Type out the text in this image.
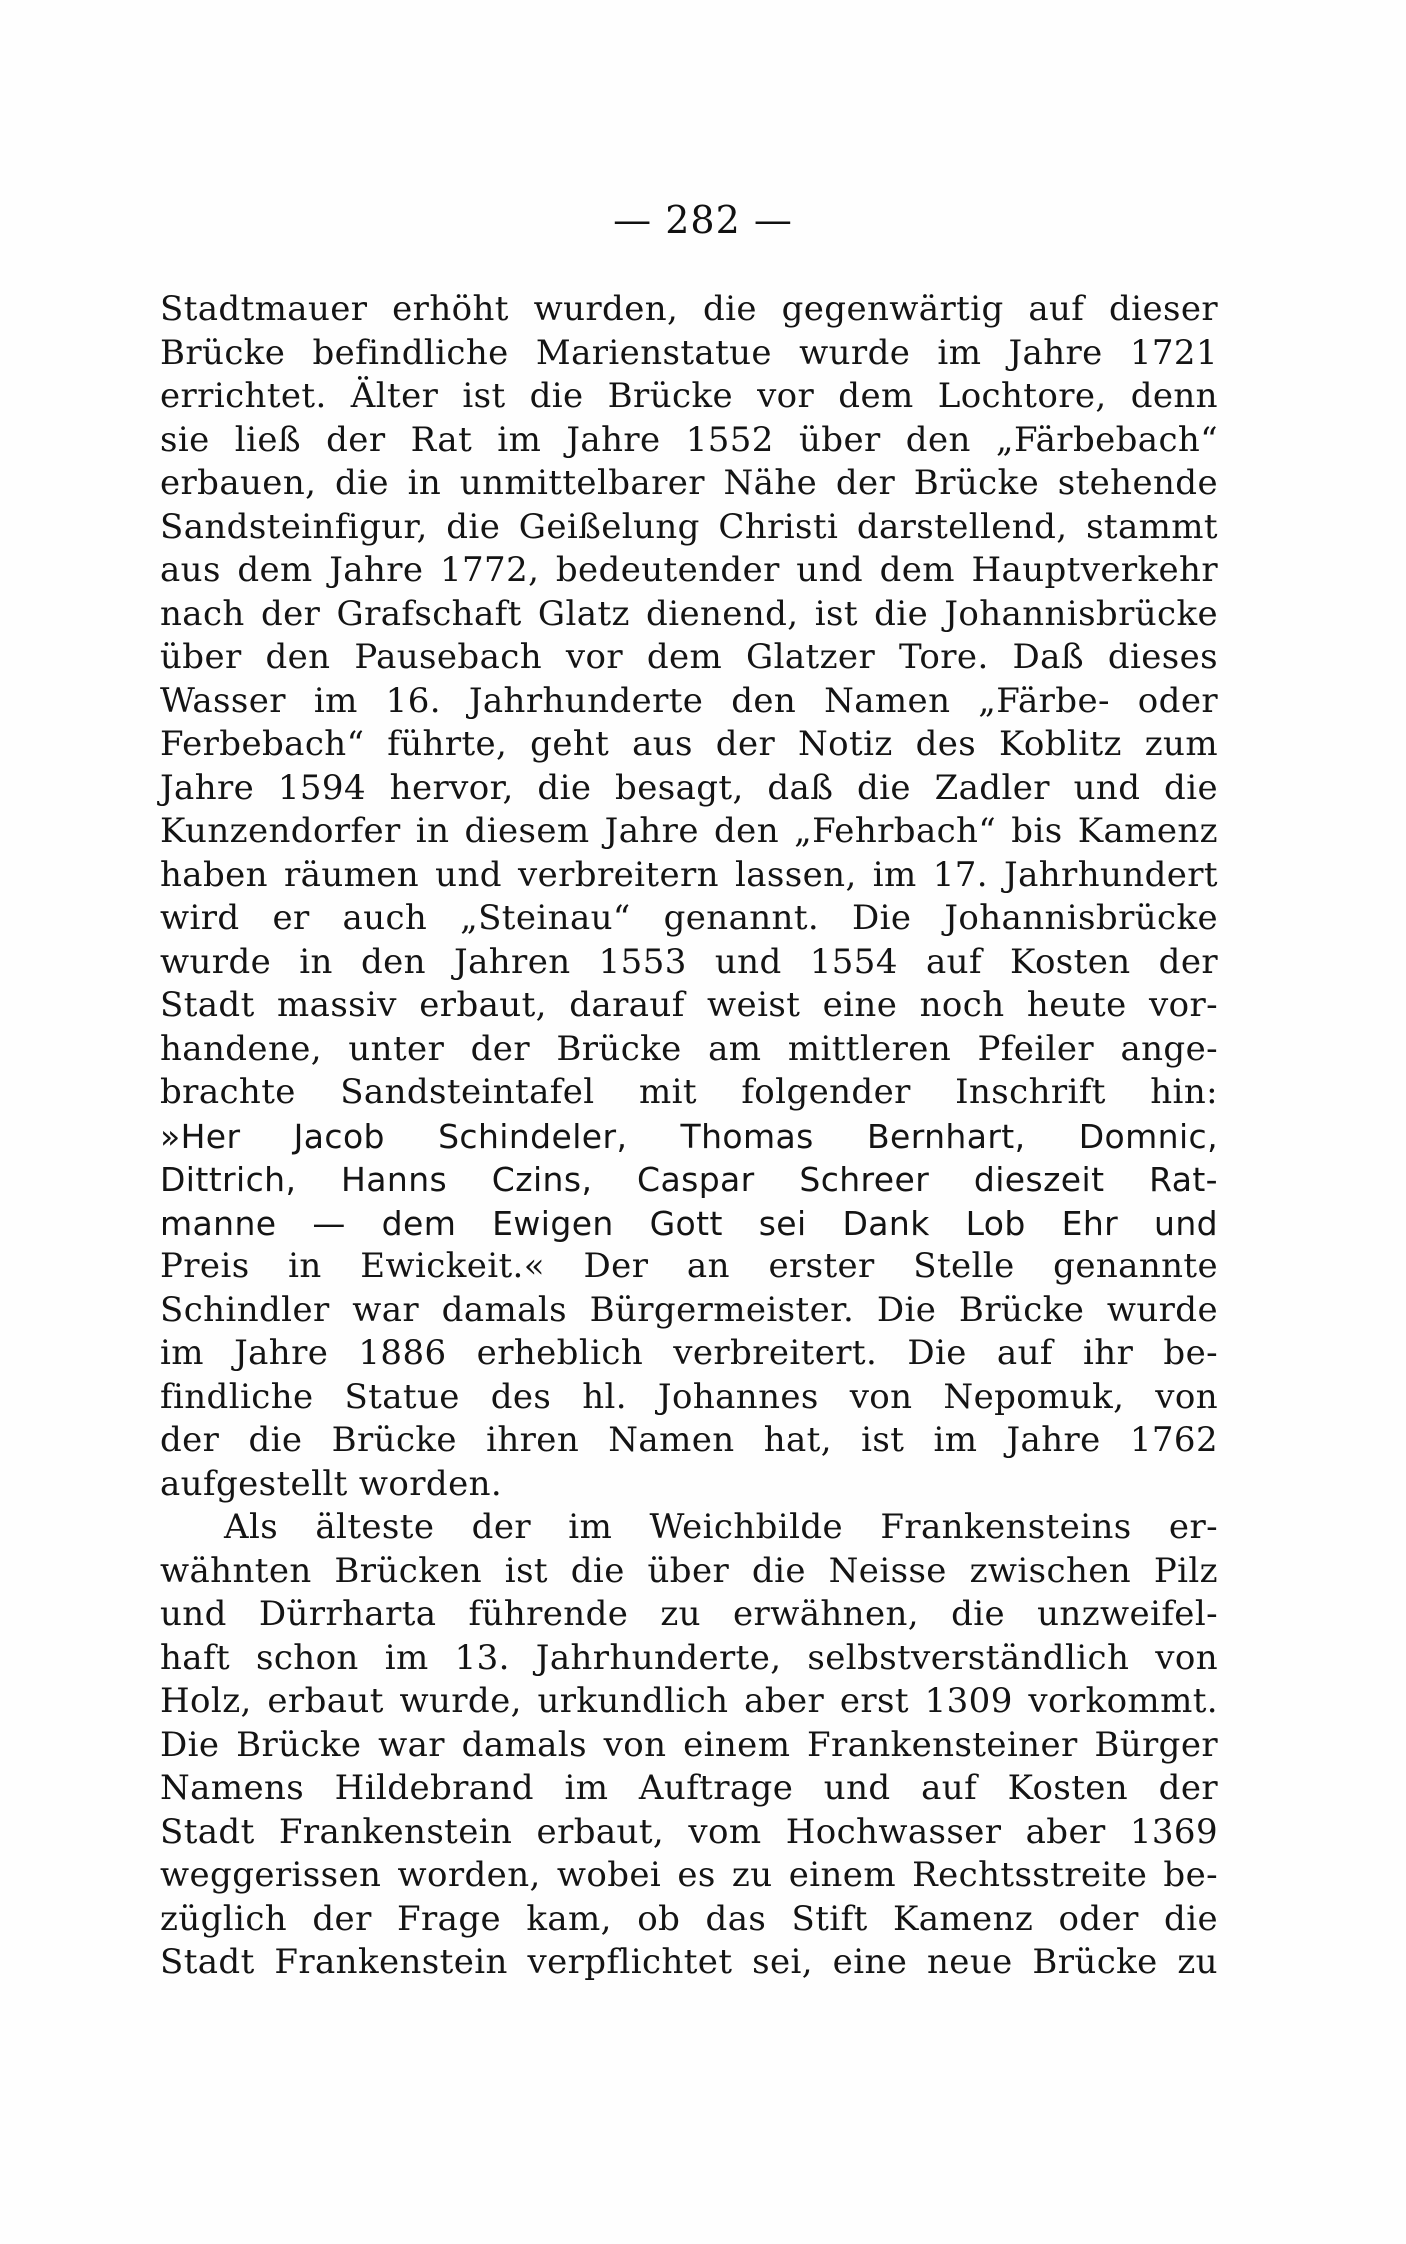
— 282 —
Stadtmauer erhöht wurden, die gegenwärtig auf dieser
Brücke befindliche Marienstatue wurde im Jahre 1721
errichtet. Älter ist die Brücke vor dem Lochtore, denn
sie ließ der Rat im Jahre 1552 über den „Färbebach“
erbauen, die in unmittelbarer Nähe der Brücke stehende
Sandsteinfigur, die Geißelung Christi darstellend, stammt
aus dem Jahre 1772, bedeutender und dem Hauptverkehr
nach der Grafschaft Glatz dienend, ist die Johannisbrücke
über den Pausebach vor dem Glatzer Tore. Daß dieses
Wasser im 16. Jahrhunderte den Namen „Färbe- oder
Ferbebach“ führte, geht aus der Notiz des Koblitz zum
Jahre 1594 hervor, die besagt, daß die Zadler und die
Kunzendorfer in diesem Jahre den „Fehrbach“ bis Kamenz
haben räumen und verbreitern lassen, im 17. Jahrhundert
wird er auch „Steinau“ genannt. Die Johannisbrücke
wurde in den Jahren 1553 und 1554 auf Kosten der
Stadt massiv erbaut, darauf weist eine noch heute vor-
handene, unter der Brücke am mittleren Pfeiler ange-
brachte Sandsteintafel mit folgender Inschrift hin:
»Her Jacob Schindeler, Thomas Bernhart, Domnic,
Dittrich, Hanns Czins, Caspar Schreer dieszeit Rat-
manne — dem Ewigen Gott sei Dank Lob Ehr und
Preis in Ewickeit.« Der an erster Stelle genannte
Schindler war damals Bürgermeister. Die Brücke wurde
im Jahre 1886 erheblich verbreitert. Die auf ihr be-
findliche Statue des hl. Johannes von Nepomuk, von
der die Brücke ihren Namen hat, ist im Jahre 1762
aufgestellt worden.
Als älteste der im Weichbilde Frankensteins er-
wähnten Brücken ist die über die Neisse zwischen Pilz
und Dürrharta führende zu erwähnen, die unzweifel-
haft schon im 13. Jahrhunderte, selbstverständlich von
Holz, erbaut wurde, urkundlich aber erst 1309 vorkommt.
Die Brücke war damals von einem Frankensteiner Bürger
Namens Hildebrand im Auftrage und auf Kosten der
Stadt Frankenstein erbaut, vom Hochwasser aber 1369
weggerissen worden, wobei es zu einem Rechtsstreite be-
züglich der Frage kam, ob das Stift Kamenz oder die
Stadt Frankenstein verpflichtet sei, eine neue Brücke zu
